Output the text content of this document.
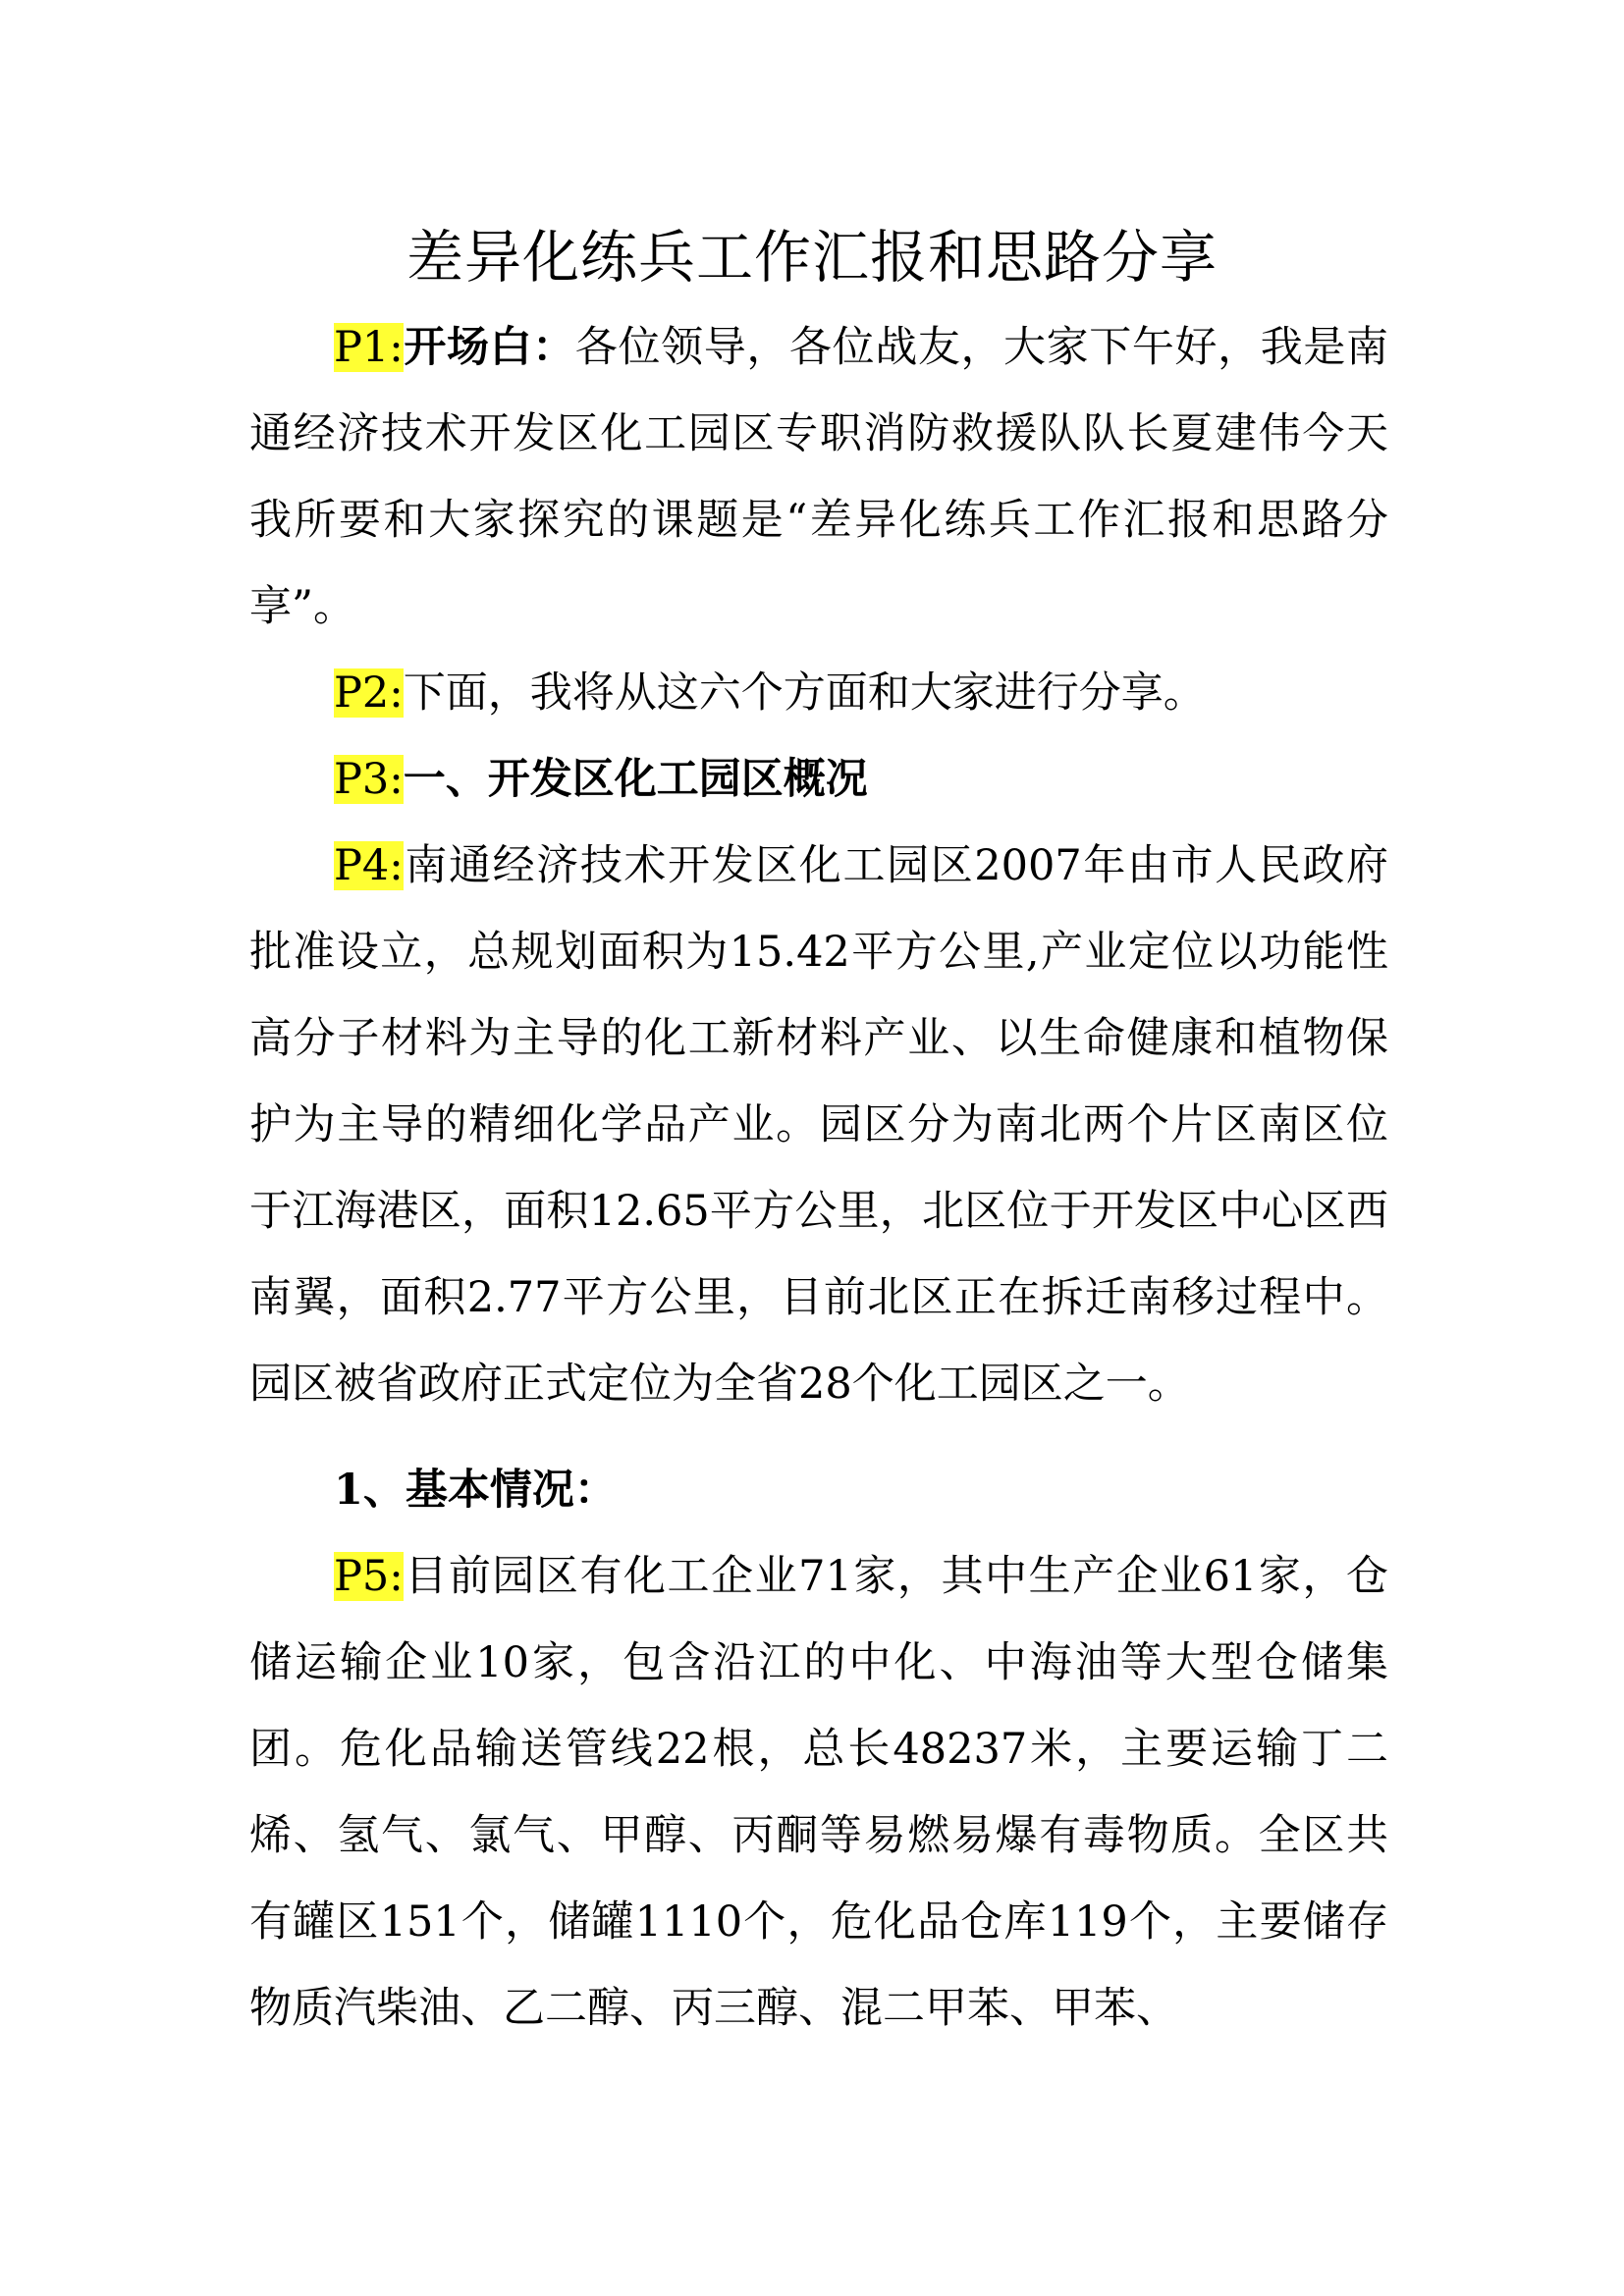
差异化练兵工作汇报和思路分享

P1:开场白：各位领导，各位战友，大家下午好，我是南通经济技术开发区化工园区专职消防救援队队长夏建伟今天我所要和大家探究的课题是“差异化练兵工作汇报和思路分享”。

P2:下面，我将从这六个方面和大家进行分享。

P3:一、开发区化工园区概况

P4:南通经济技术开发区化工园区2007年由市人民政府批准设立，总规划面积为15.42平方公里,产业定位以功能性高分子材料为主导的化工新材料产业、以生命健康和植物保护为主导的精细化学品产业。园区分为南北两个片区南区位于江海港区，面积12.65平方公里，北区位于开发区中心区西南翼，面积2.77平方公里，目前北区正在拆迁南移过程中。园区被省政府正式定位为全省28个化工园区之一。

1、基本情况：

P5:目前园区有化工企业71家，其中生产企业61家，仓储运输企业10家，包含沿江的中化、中海油等大型仓储集团。危化品输送管线22根，总长48237米，主要运输丁二烯、氢气、氯气、甲醇、丙酮等易燃易爆有毒物质。全区共有罐区151个，储罐1110个，危化品仓库119个，主要储存物质汽柴油、乙二醇、丙三醇、混二甲苯、甲苯、
